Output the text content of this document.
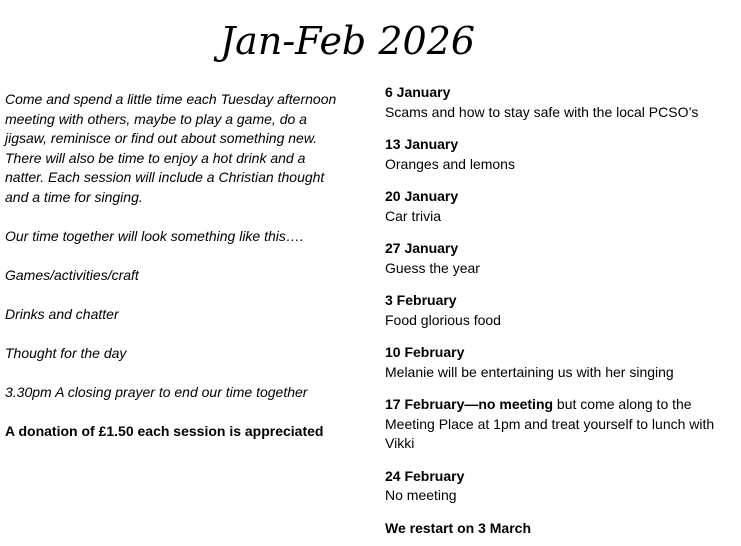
Jan-Feb 2026

Come and spend a little time each Tuesday afternoon meeting with others, maybe to play a game, do a jigsaw, reminisce or find out about something new. There will also be time to enjoy a hot drink and a natter. Each session will include a Christian thought and a time for singing.

Our time together will look something like this….

Games/activities/craft

Drinks and chatter

Thought for the day

3.30pm A closing prayer to end our time together

A donation of £1.50 each session is appreciated

6 January
Scams and how to stay safe with the local PCSO’s
13 January
Oranges and lemons
20 January
Car trivia
27 January
Guess the year
3 February
Food glorious food
10 February
Melanie will be entertaining us with her singing
17 February—no meeting but come along to the Meeting Place at 1pm and treat yourself to lunch with Vikki
24 February
No meeting

We restart on 3 March
